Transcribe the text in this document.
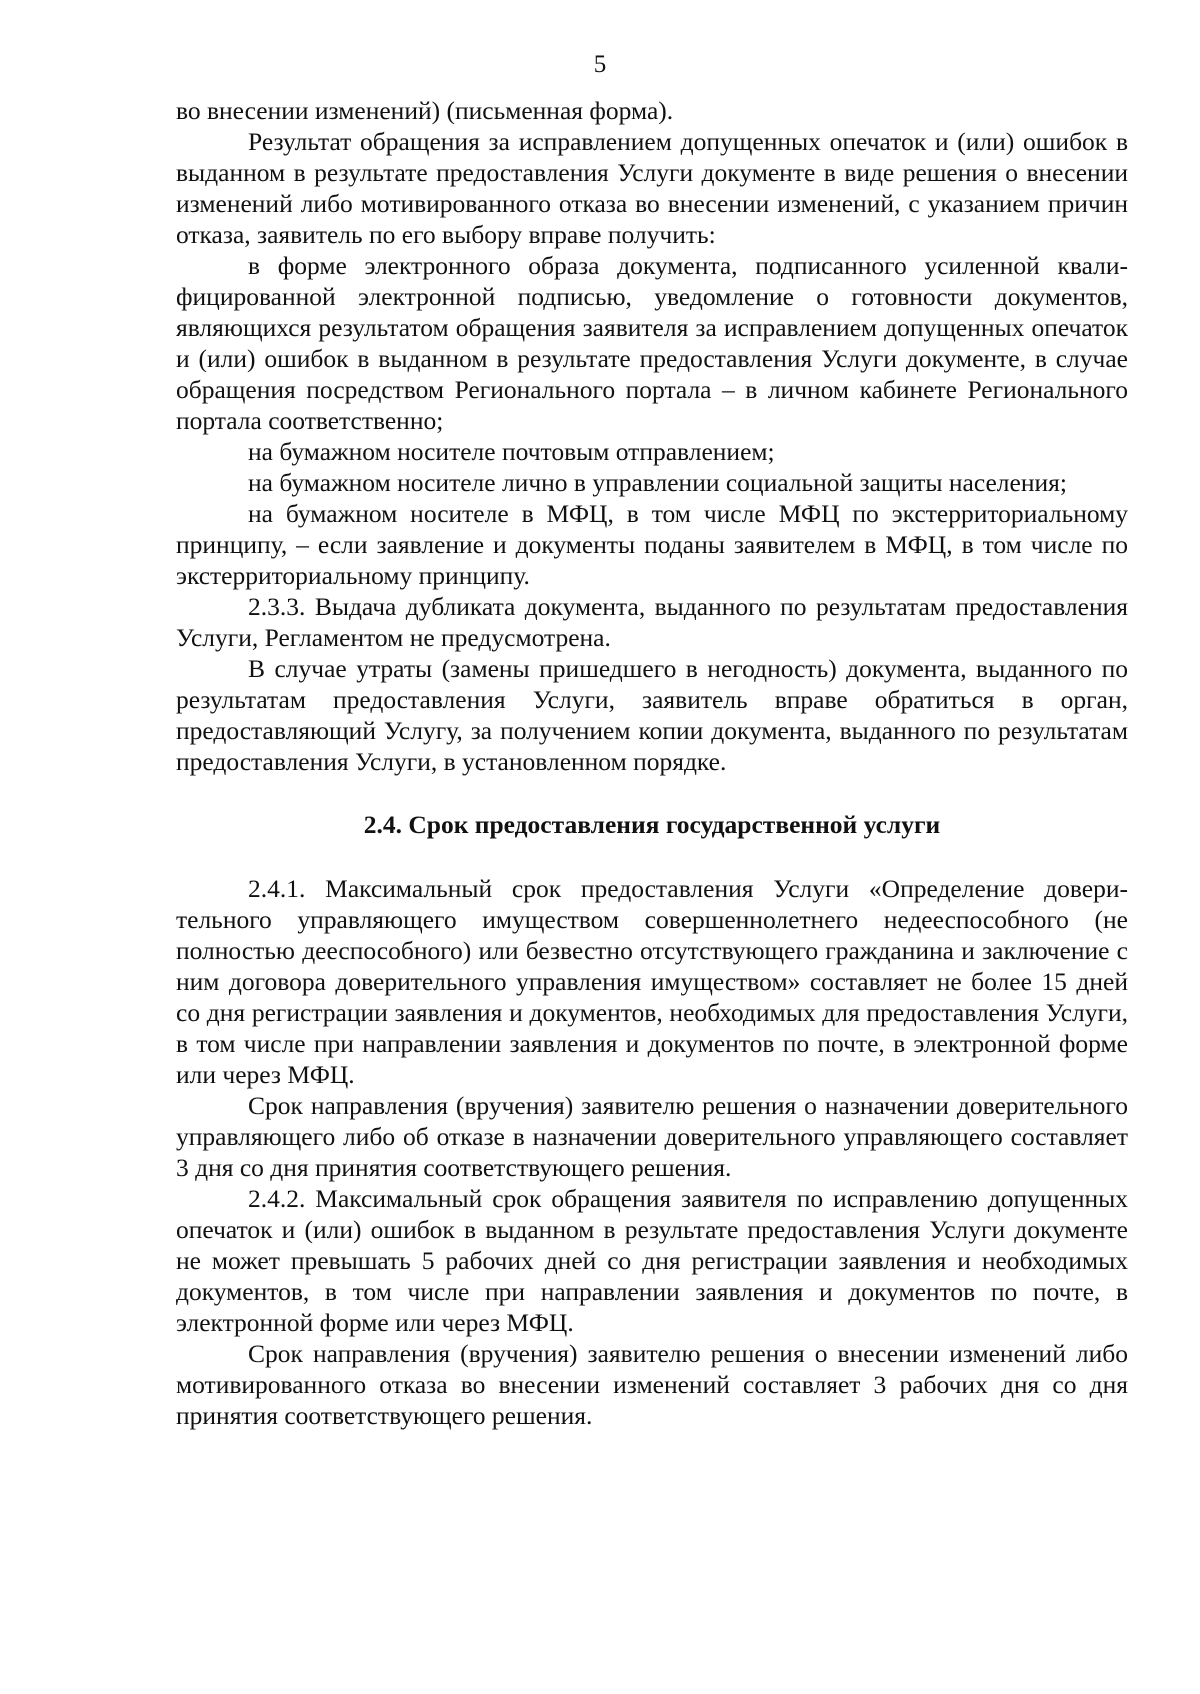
5

во внесении изменений) (письменная форма).

Результат обращения за исправлением допущенных опечаток и (или) ошибок в выданном в результате предоставления Услуги документе в виде решения о внесении изменений либо мотивированного отказа во внесении изменений, с указанием причин отказа, заявитель по его выбору вправе получить:

в форме электронного образа документа, подписанного усиленной квалифицированной электронной подписью, уведомление о готовности документов, являющихся результатом обращения заявителя за исправлением допущенных опечаток и (или) ошибок в выданном в результате предоставления Услуги документе, в случае обращения посредством Регионального портала – в личном кабинете Регионального портала соответственно;

на бумажном носителе почтовым отправлением;

на бумажном носителе лично в управлении социальной защиты населения;

на бумажном носителе в МФЦ, в том числе МФЦ по экстерриториальному принципу, – если заявление и документы поданы заявителем в МФЦ, в том числе по экстерриториальному принципу.

2.3.3. Выдача дубликата документа, выданного по результатам предоставления Услуги, Регламентом не предусмотрена.

В случае утраты (замены пришедшего в негодность) документа, выданного по результатам предоставления Услуги, заявитель вправе обратиться в орган, предоставляющий Услугу, за получением копии документа, выданного по результатам предоставления Услуги, в установленном порядке.

2.4. Срок предоставления государственной услуги

2.4.1. Максимальный срок предоставления Услуги «Определение доверительного управляющего имуществом совершеннолетнего недееспособного (не полностью дееспособного) или безвестно отсутствующего гражданина и заключение с ним договора доверительного управления имуществом» составляет не более 15 дней со дня регистрации заявления и документов, необходимых для предоставления Услуги, в том числе при направлении заявления и документов по почте, в электронной форме или через МФЦ.

Срок направления (вручения) заявителю решения о назначении доверительного управляющего либо об отказе в назначении доверительного управляющего составляет 3 дня со дня принятия соответствующего решения.

2.4.2. Максимальный срок обращения заявителя по исправлению допущенных опечаток и (или) ошибок в выданном в результате предоставления Услуги документе не может превышать 5 рабочих дней со дня регистрации заявления и необходимых документов, в том числе при направлении заявления и документов по почте, в электронной форме или через МФЦ.

Срок направления (вручения) заявителю решения о внесении изменений либо мотивированного отказа во внесении изменений составляет 3 рабочих дня со дня принятия соответствующего решения.
